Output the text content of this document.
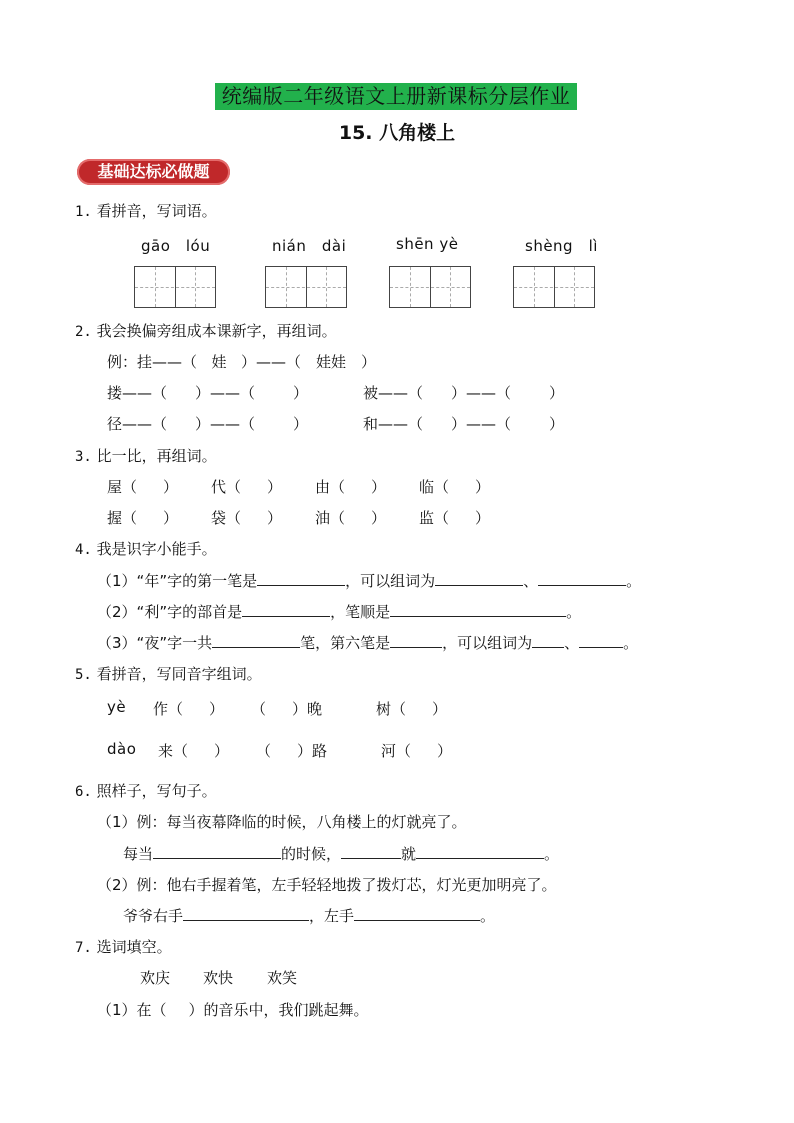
统编版二年级语文上册新课标分层作业
15. 八角楼上
基础达标必做题
1. 看拼音，写词语。
gāo　lóu	nián　dài	shēn yè	shèng　lì
2. 我会换偏旁组成本课新字，再组词。
例：挂——（ 娃 ）——（ 娃娃 ）
搂——（ ）——（	）	被——（ ）——（	）
径——（ ）——（	）	和——（ ）——（	）
3. 比一比，再组词。
屋（ ） 代（ ） 由（ ） 临（ ）
握（ ） 袋（ ） 油（ ） 监（ ）
4. 我是识字小能手。
（1）“年”字的第一笔是	，可以组词为	、	。
（2）“利”字的部首是	，笔顺是	。
（3）“夜”字一共	笔，第六笔是	，可以组词为 、	。
5. 看拼音，写同音字组词。
yè 作（ ） （ ）晚	树（ ）
dào 来（ ） （ ）路	河（ ）
6. 照样子，写句子。
（1）例：每当夜幕降临的时候，八角楼上的灯就亮了。
每当	的时候，	就	。
（2）例：他右手握着笔，左手轻轻地拨了拨灯芯，灯光更加明亮了。
爷爷右手	，左手	。
7. 选词填空。
欢庆 欢快 欢笑
（1）在（ ）的音乐中，我们跳起舞。
